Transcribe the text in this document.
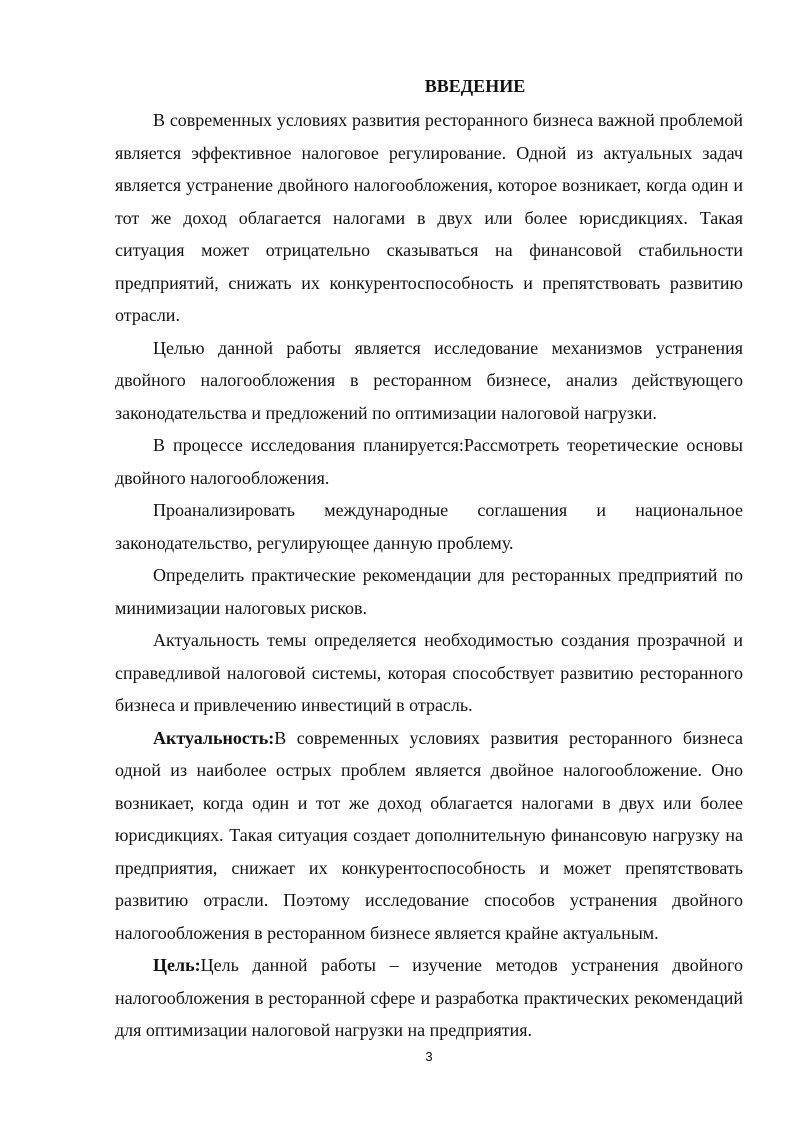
ВВЕДЕНИЕ

В современных условиях развития ресторанного бизнеса важной проблемой является эффективное налоговое регулирование. Одной из актуальных задач является устранение двойного налогообложения, которое возникает, когда один и тот же доход облагается налогами в двух или более юрисдикциях. Такая ситуация может отрицательно сказываться на финансовой стабильности предприятий, снижать их конкурентоспособность и препятствовать развитию отрасли.

Целью данной работы является исследование механизмов устранения двойного налогообложения в ресторанном бизнесе, анализ действующего законодательства и предложений по оптимизации налоговой нагрузки.

В процессе исследования планируется:Рассмотреть теоретические основы двойного налогообложения.

Проанализировать международные соглашения и национальное законодательство, регулирующее данную проблему.

Определить практические рекомендации для ресторанных предприятий по минимизации налоговых рисков.

Актуальность темы определяется необходимостью создания прозрачной и справедливой налоговой системы, которая способствует развитию ресторанного бизнеса и привлечению инвестиций в отрасль.

Актуальность:В современных условиях развития ресторанного бизнеса одной из наиболее острых проблем является двойное налогообложение. Оно возникает, когда один и тот же доход облагается налогами в двух или более юрисдикциях. Такая ситуация создает дополнительную финансовую нагрузку на предприятия, снижает их конкурентоспособность и может препятствовать развитию отрасли. Поэтому исследование способов устранения двойного налогообложения в ресторанном бизнесе является крайне актуальным.

Цель:Цель данной работы – изучение методов устранения двойного налогообложения в ресторанной сфере и разработка практических рекомендаций для оптимизации налоговой нагрузки на предприятия.

3
